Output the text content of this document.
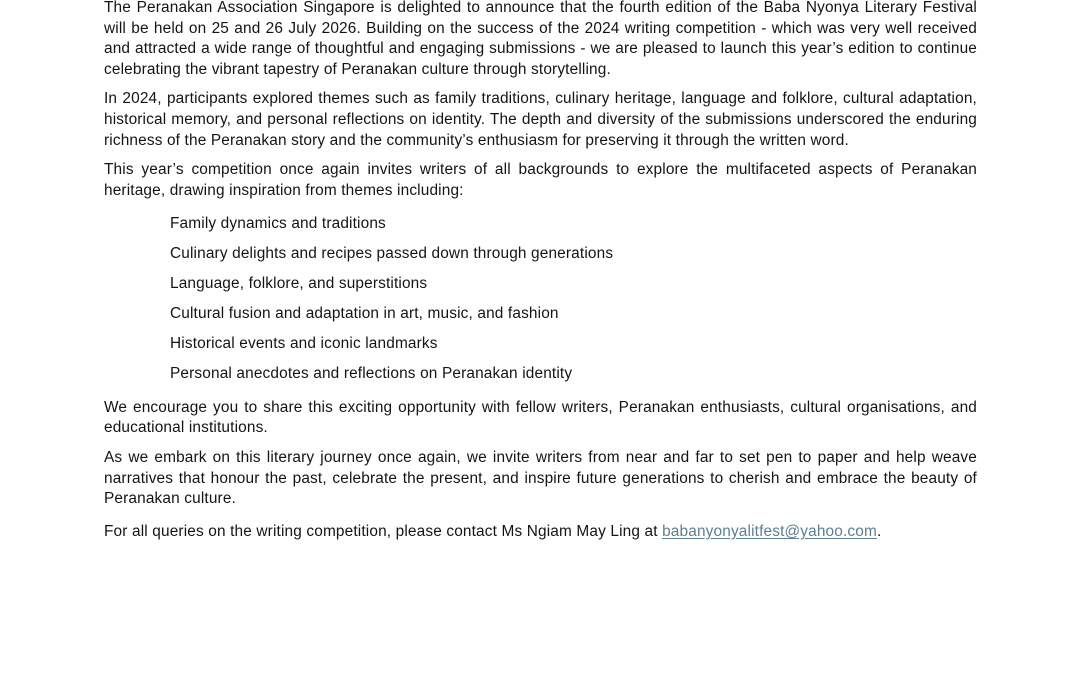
The Peranakan Association Singapore is delighted to announce that the fourth edition of the Baba Nyonya Literary Festival will be held on 25 and 26 July 2026. Building on the success of the 2024 writing competition - which was very well received and attracted a wide range of thoughtful and engaging submissions - we are pleased to launch this year’s edition to continue celebrating the vibrant tapestry of Peranakan culture through storytelling.

In 2024, participants explored themes such as family traditions, culinary heritage, language and folklore, cultural adaptation, historical memory, and personal reflections on identity. The depth and diversity of the submissions underscored the enduring richness of the Peranakan story and the community’s enthusiasm for preserving it through the written word.

This year’s competition once again invites writers of all backgrounds to explore the multifaceted aspects of Peranakan heritage, drawing inspiration from themes including:

Family dynamics and traditions
Culinary delights and recipes passed down through generations
Language, folklore, and superstitions
Cultural fusion and adaptation in art, music, and fashion
Historical events and iconic landmarks
Personal anecdotes and reflections on Peranakan identity

We encourage you to share this exciting opportunity with fellow writers, Peranakan enthusiasts, cultural organisations, and educational institutions.

As we embark on this literary journey once again, we invite writers from near and far to set pen to paper and help weave narratives that honour the past, celebrate the present, and inspire future generations to cherish and embrace the beauty of Peranakan culture.

For all queries on the writing competition, please contact Ms Ngiam May Ling at babanyonyalitfest@yahoo.com.
